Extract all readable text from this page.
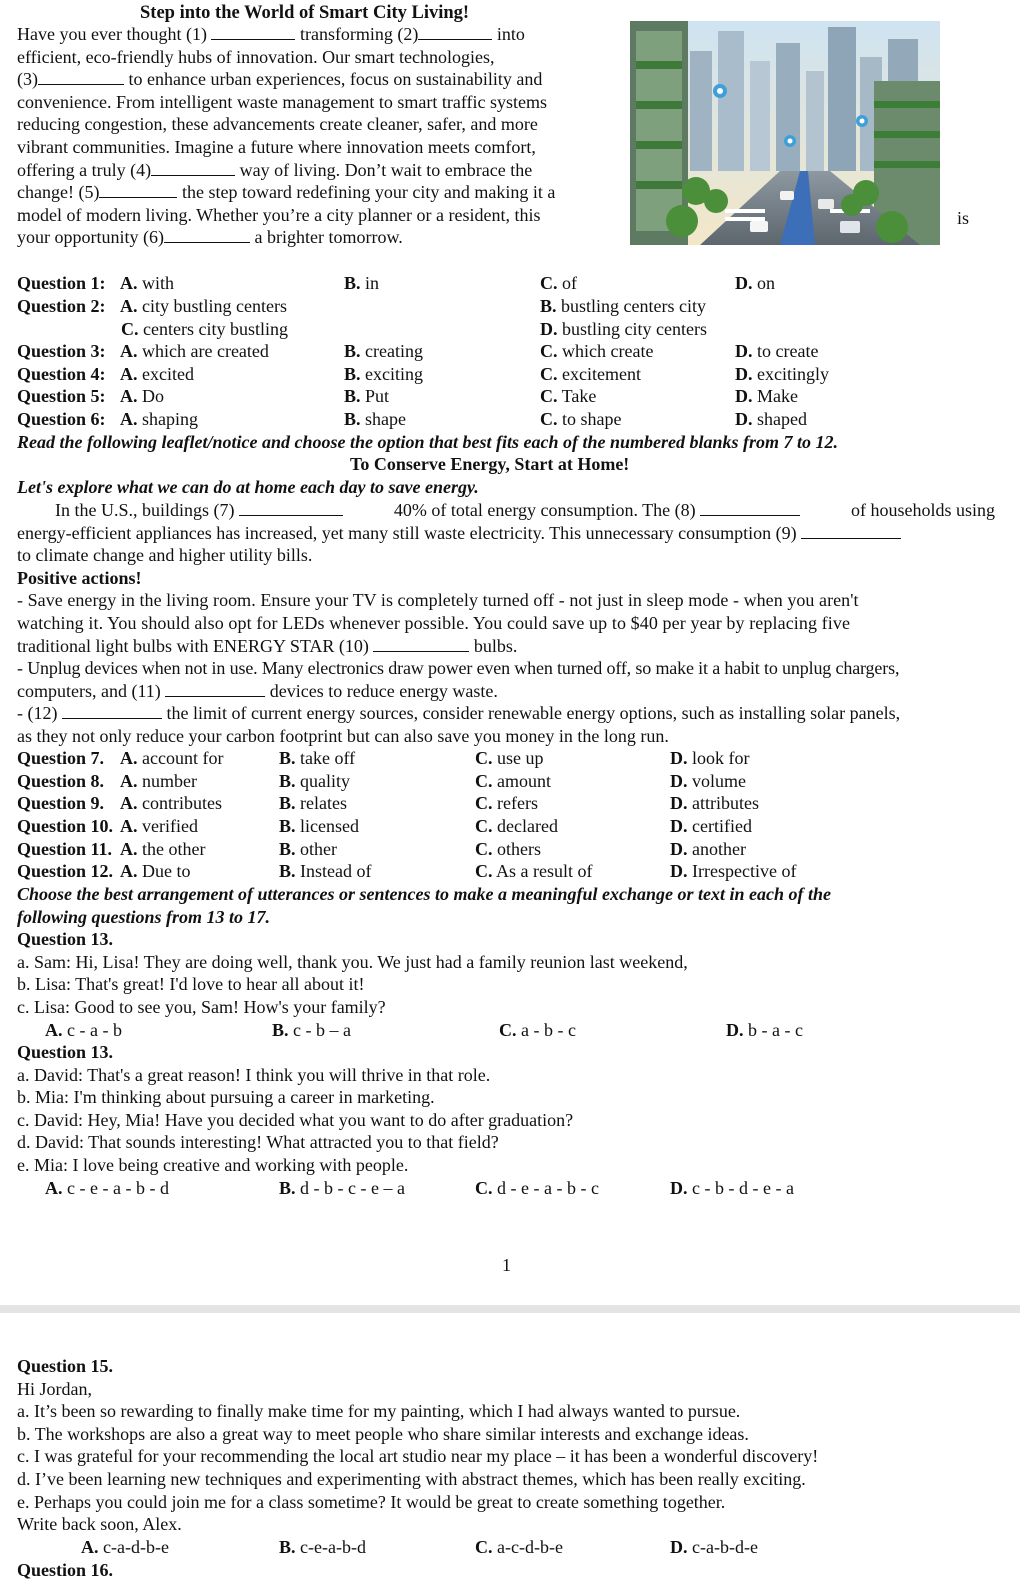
Step into the World of Smart City Living!
Have you ever thought (1)	transforming (2)	into
efficient, eco-friendly hubs of innovation. Our smart technologies,
(3)	to enhance urban experiences, focus on sustainability and
convenience. From intelligent waste management to smart traffic systems
reducing congestion, these advancements create cleaner, safer, and more
vibrant communities. Imagine a future where innovation meets comfort,
offering a truly (4)	way of living. Don’t wait to embrace the
change! (5)	the step toward redefining your city and making it a
model of modern living. Whether you’re a city planner or a resident, this
your opportunity (6)	a brighter tomorrow.
is
Question 1: A. with	B. in	C. of	D. on
Question 2: A. city bustling centers	B. bustling centers city
C. centers city bustling	D. bustling city centers
Question 3: A. which are created	B. creating	C. which create	D. to create
Question 4: A. excited	B. exciting	C. excitement	D. excitingly
Question 5: A. Do	B. Put	C. Take	D. Make
Question 6: A. shaping	B. shape	C. to shape	D. shaped
Read the following leaflet/notice and choose the option that best fits each of the numbered blanks from 7 to 12.
To Conserve Energy, Start at Home!
Let's explore what we can do at home each day to save energy.
In the U.S., buildings (7)	40% of total energy consumption. The (8)	of households using
energy-efficient appliances has increased, yet many still waste electricity. This unnecessary consumption (9)
to climate change and higher utility bills.
Positive actions!
- Save energy in the living room. Ensure your TV is completely turned off - not just in sleep mode - when you aren't
watching it. You should also opt for LEDs whenever possible. You could save up to $40 per year by replacing five
traditional light bulbs with ENERGY STAR (10)	bulbs.
- Unplug devices when not in use. Many electronics draw power even when turned off, so make it a habit to unplug chargers,
computers, and (11)	devices to reduce energy waste.
- (12)	the limit of current energy sources, consider renewable energy options, such as installing solar panels,
as they not only reduce your carbon footprint but can also save you money in the long run.
Question 7. A. account for	B. take off	C. use up	D. look for
Question 8. A. number	B. quality	C. amount	D. volume
Question 9. A. contributes	B. relates	C. refers	D. attributes
Question 10. A. verified	B. licensed	C. declared	D. certified
Question 11. A. the other	B. other	C. others	D. another
Question 12. A. Due to	B. Instead of	C. As a result of	D. Irrespective of
Choose the best arrangement of utterances or sentences to make a meaningful exchange or text in each of the
following questions from 13 to 17.
Question 13.
a. Sam: Hi, Lisa! They are doing well, thank you. We just had a family reunion last weekend,
b. Lisa: That's great! I'd love to hear all about it!
c. Lisa: Good to see you, Sam! How's your family?
A. c - a - b	B. c - b – a	C. a - b - c	D. b - a - c
Question 13.
a. David: That's a great reason! I think you will thrive in that role.
b. Mia: I'm thinking about pursuing a career in marketing.
c. David: Hey, Mia! Have you decided what you want to do after graduation?
d. David: That sounds interesting! What attracted you to that field?
e. Mia: I love being creative and working with people.
A. c - e - a - b - d	B. d - b - c - e – a	C. d - e - a - b - c	D. c - b - d - e - a
1
Question 15.
Hi Jordan,
a. It’s been so rewarding to finally make time for my painting, which I had always wanted to pursue.
b. The workshops are also a great way to meet people who share similar interests and exchange ideas.
c. I was grateful for your recommending the local art studio near my place – it has been a wonderful discovery!
d. I’ve been learning new techniques and experimenting with abstract themes, which has been really exciting.
e. Perhaps you could join me for a class sometime? It would be great to create something together.
Write back soon, Alex.
A. c-a-d-b-e	B. c-e-a-b-d	C. a-c-d-b-e	D. c-a-b-d-e
Question 16.
